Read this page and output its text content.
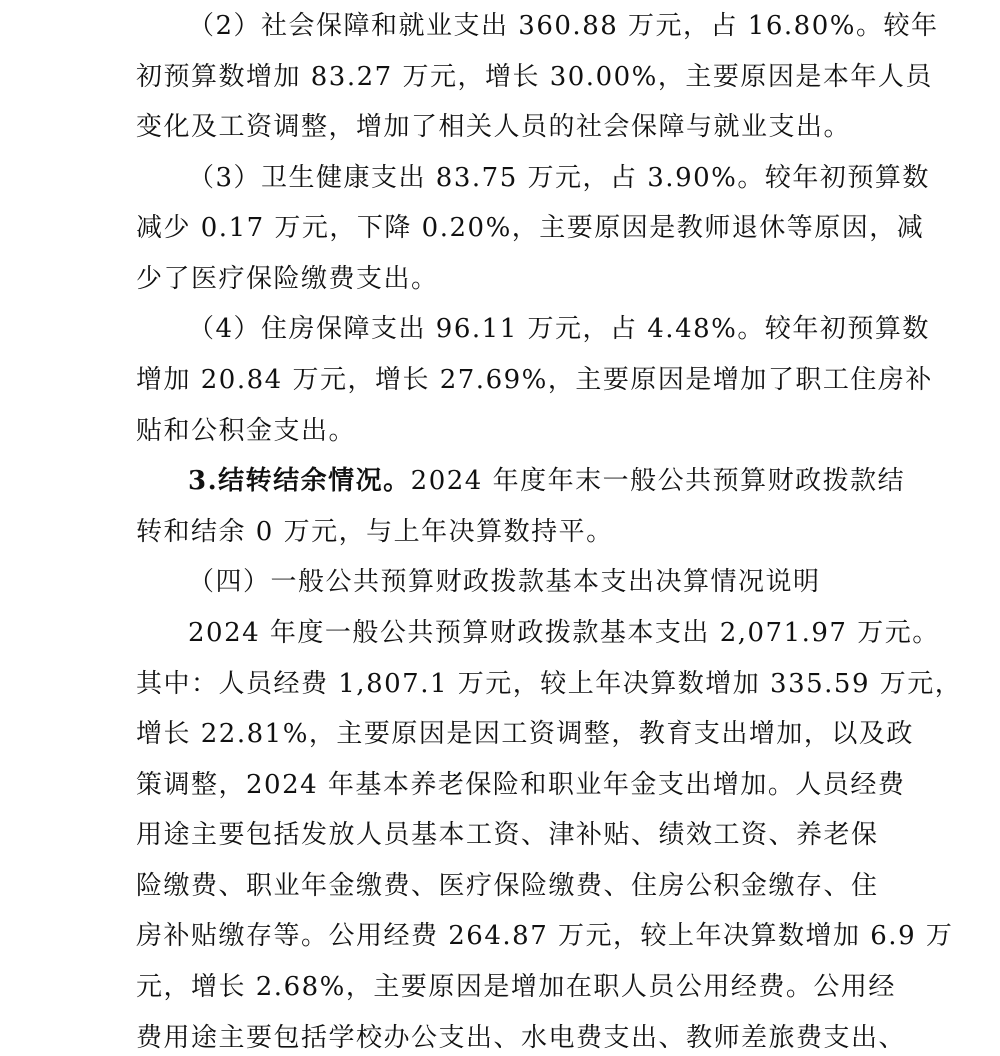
（2）社会保障和就业支出 360.88 万元，占 16.80%。较年
初预算数增加 83.27 万元，增长 30.00%，主要原因是本年人员
变化及工资调整，增加了相关人员的社会保障与就业支出。
（3）卫生健康支出 83.75 万元，占 3.90%。较年初预算数
减少 0.17 万元，下降 0.20%，主要原因是教师退休等原因，减
少了医疗保险缴费支出。
（4）住房保障支出 96.11 万元，占 4.48%。较年初预算数
增加 20.84 万元，增长 27.69%，主要原因是增加了职工住房补
贴和公积金支出。
3.结转结余情况。2024 年度年末一般公共预算财政拨款结
转和结余 0 万元，与上年决算数持平。
（四）一般公共预算财政拨款基本支出决算情况说明
2024 年度一般公共预算财政拨款基本支出 2,071.97 万元。
其中：人员经费 1,807.1 万元，较上年决算数增加 335.59 万元，
增长 22.81%，主要原因是因工资调整，教育支出增加，以及政
策调整，2024 年基本养老保险和职业年金支出增加。人员经费
用途主要包括发放人员基本工资、津补贴、绩效工资、养老保
险缴费、职业年金缴费、医疗保险缴费、住房公积金缴存、住
房补贴缴存等。公用经费 264.87 万元，较上年决算数增加 6.9 万
元，增长 2.68%，主要原因是增加在职人员公用经费。公用经
费用途主要包括学校办公支出、水电费支出、教师差旅费支出、
